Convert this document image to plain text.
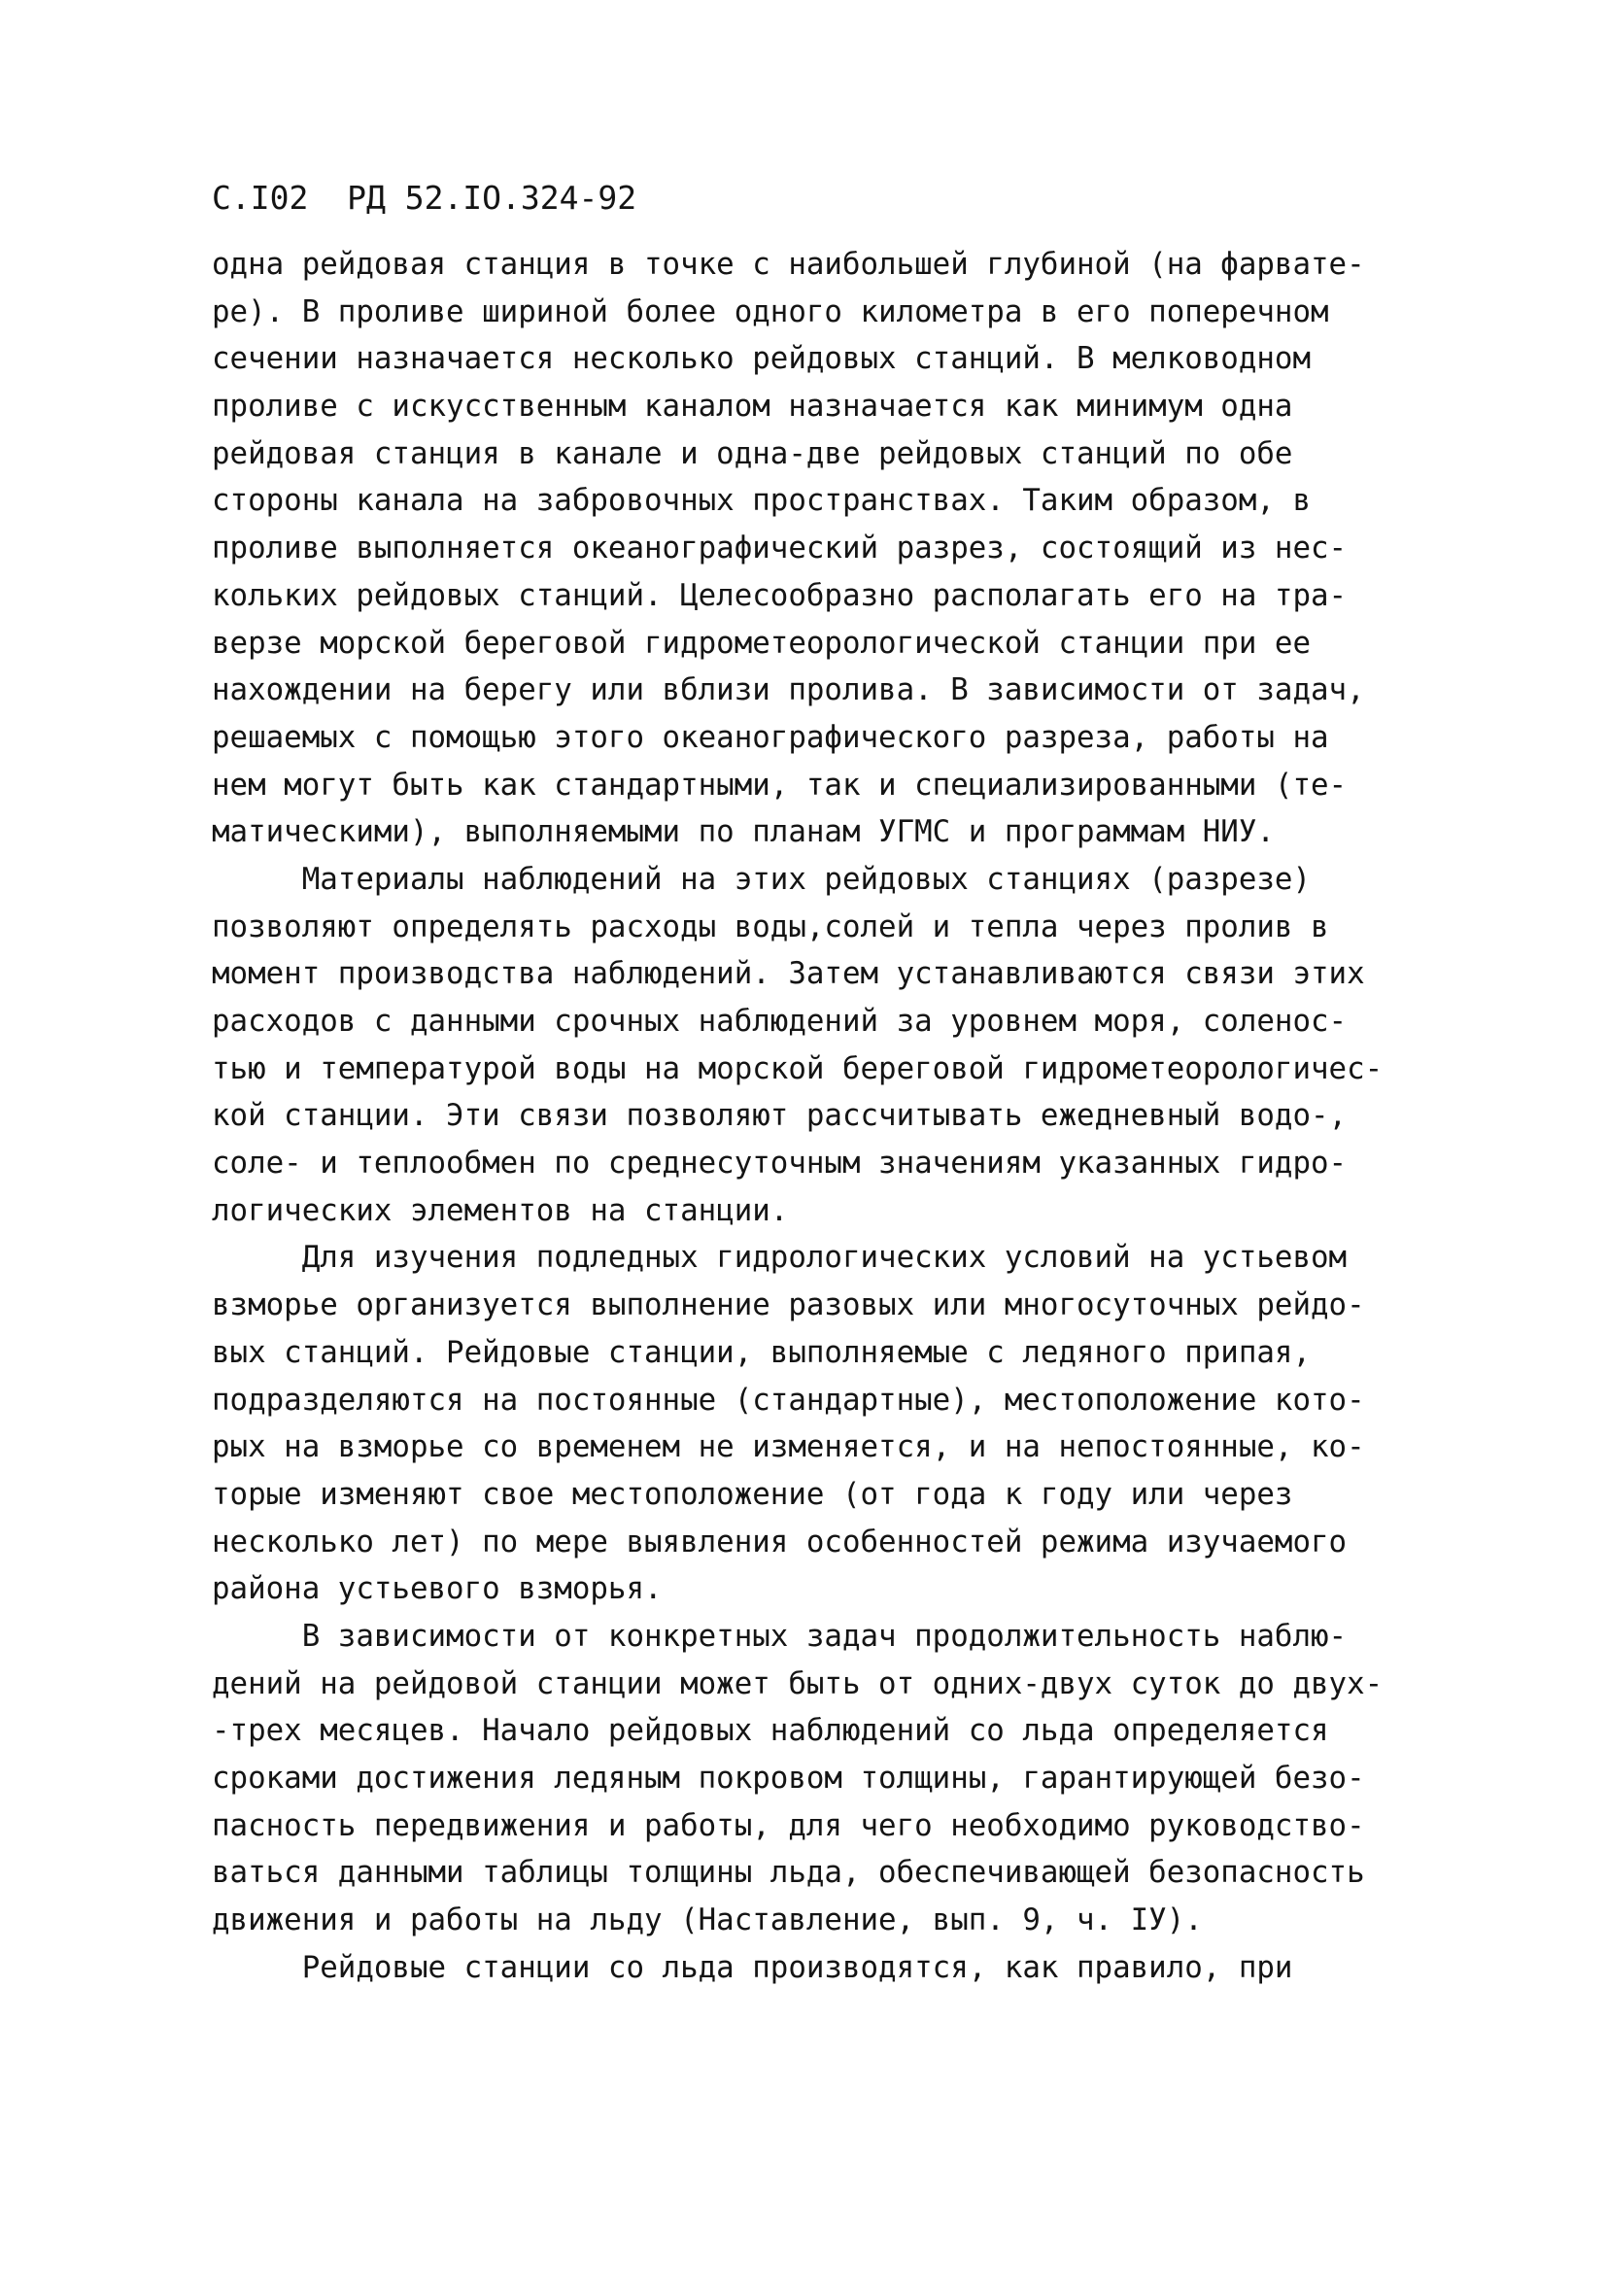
С.I02 РД 52.IO.324-92
одна рейдовая станция в точке с наибольшей глубиной (на фарвате-
ре). В проливе шириной более одного километра в его поперечном
сечении назначается несколько рейдовых станций. В мелководном
проливе с искусственным каналом назначается как минимум одна
рейдовая станция в канале и одна-две рейдовых станций по обе
стороны канала на забровочных пространствах. Таким образом, в
проливе выполняется океанографический разрез, состоящий из нес-
кольких рейдовых станций. Целесообразно располагать его на тра-
верзе морской береговой гидрометеорологической станции при ее
нахождении на берегу или вблизи пролива. В зависимости от задач,
решаемых с помощью этого океанографического разреза, работы на
нем могут быть как стандартными, так и специализированными (те-
матическими), выполняемыми по планам УГМС и программам НИУ.
Материалы наблюдений на этих рейдовых станциях (разрезе)
позволяют определять расходы воды,солей и тепла через пролив в
момент производства наблюдений. Затем устанавливаются связи этих
расходов с данными срочных наблюдений за уровнем моря, соленос-
тью и температурой воды на морской береговой гидрометеорологичес-
кой станции. Эти связи позволяют рассчитывать ежедневный водо-,
соле- и теплообмен по среднесуточным значениям указанных гидро-
логических элементов на станции.
Для изучения подледных гидрологических условий на устьевом
взморье организуется выполнение разовых или многосуточных рейдо-
вых станций. Рейдовые станции, выполняемые с ледяного припая,
подразделяются на постоянные (стандартные), местоположение кото-
рых на взморье со временем не изменяется, и на непостоянные, ко-
торые изменяют свое местоположение (от года к году или через
несколько лет) по мере выявления особенностей режима изучаемого
района устьевого взморья.
В зависимости от конкретных задач продолжительность наблю-
дений на рейдовой станции может быть от одних-двух суток до двух-
-трех месяцев. Начало рейдовых наблюдений со льда определяется
сроками достижения ледяным покровом толщины, гарантирующей безо-
пасность передвижения и работы, для чего необходимо руководство-
ваться данными таблицы толщины льда, обеспечивающей безопасность
движения и работы на льду (Наставление, вып. 9, ч. IУ).
Рейдовые станции со льда производятся, как правило, при
